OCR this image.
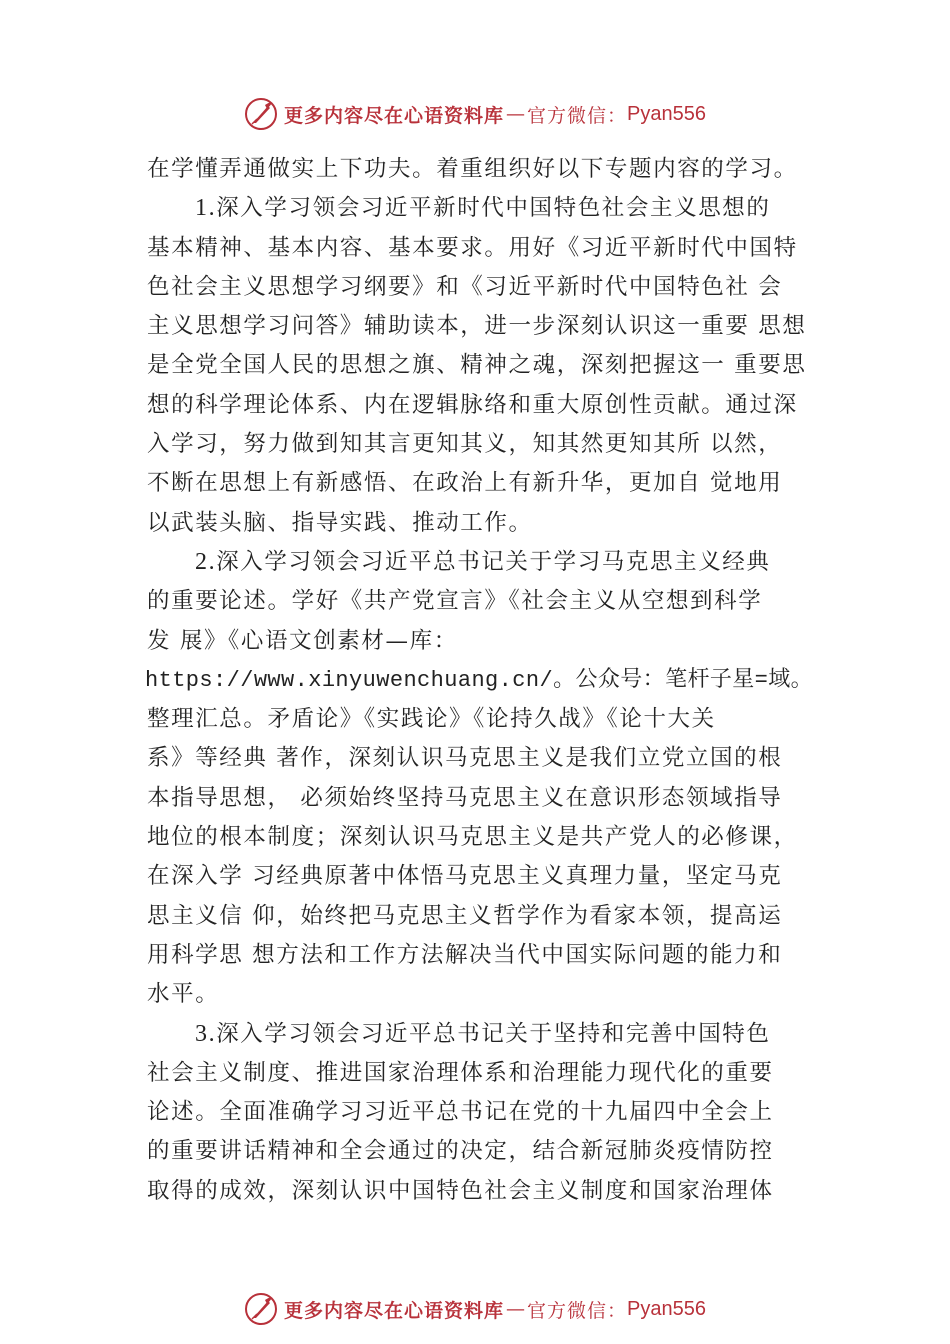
更多内容尽在心语资料库 — 官方微信： Pyan556
在学懂弄通做实上下功夫。着重组织好以下专题内容的学习。
1.深入学习领会习近平新时代中国特色社会主义思想的
基本精神、基本内容、基本要求。用好《习近平新时代中国特
色社会主义思想学习纲要》和《习近平新时代中国特色社 会
主义思想学习问答》辅助读本，进一步深刻认识这一重要 思想
是全党全国人民的思想之旗、精神之魂，深刻把握这一 重要思
想的科学理论体系、内在逻辑脉络和重大原创性贡献。通过深
入学习，努力做到知其言更知其义，知其然更知其所 以然，
不断在思想上有新感悟、在政治上有新升华，更加自 觉地用
以武装头脑、指导实践、推动工作。
2.深入学习领会习近平总书记关于学习马克思主义经典
的重要论述。学好《共产党宣言》《社会主义从空想到科学
发 展》《心语文创素材—库：
https://www.xinyuwenchuang.cn/。公众号：笔杆子星=域。
整理汇总。矛盾论》《实践论》《论持久战》《论十大关
系》等经典 著作，深刻认识马克思主义是我们立党立国的根
本指导思想， 必须始终坚持马克思主义在意识形态领域指导
地位的根本制度；深刻认识马克思主义是共产党人的必修课，
在深入学 习经典原著中体悟马克思主义真理力量，坚定马克
思主义信 仰，始终把马克思主义哲学作为看家本领，提高运
用科学思 想方法和工作方法解决当代中国实际问题的能力和
水平。
3.深入学习领会习近平总书记关于坚持和完善中国特色
社会主义制度、推进国家治理体系和治理能力现代化的重要
论述。全面准确学习习近平总书记在党的十九届四中全会上
的重要讲话精神和全会通过的决定，结合新冠肺炎疫情防控
取得的成效，深刻认识中国特色社会主义制度和国家治理体
更多内容尽在心语资料库 — 官方微信： Pyan556
